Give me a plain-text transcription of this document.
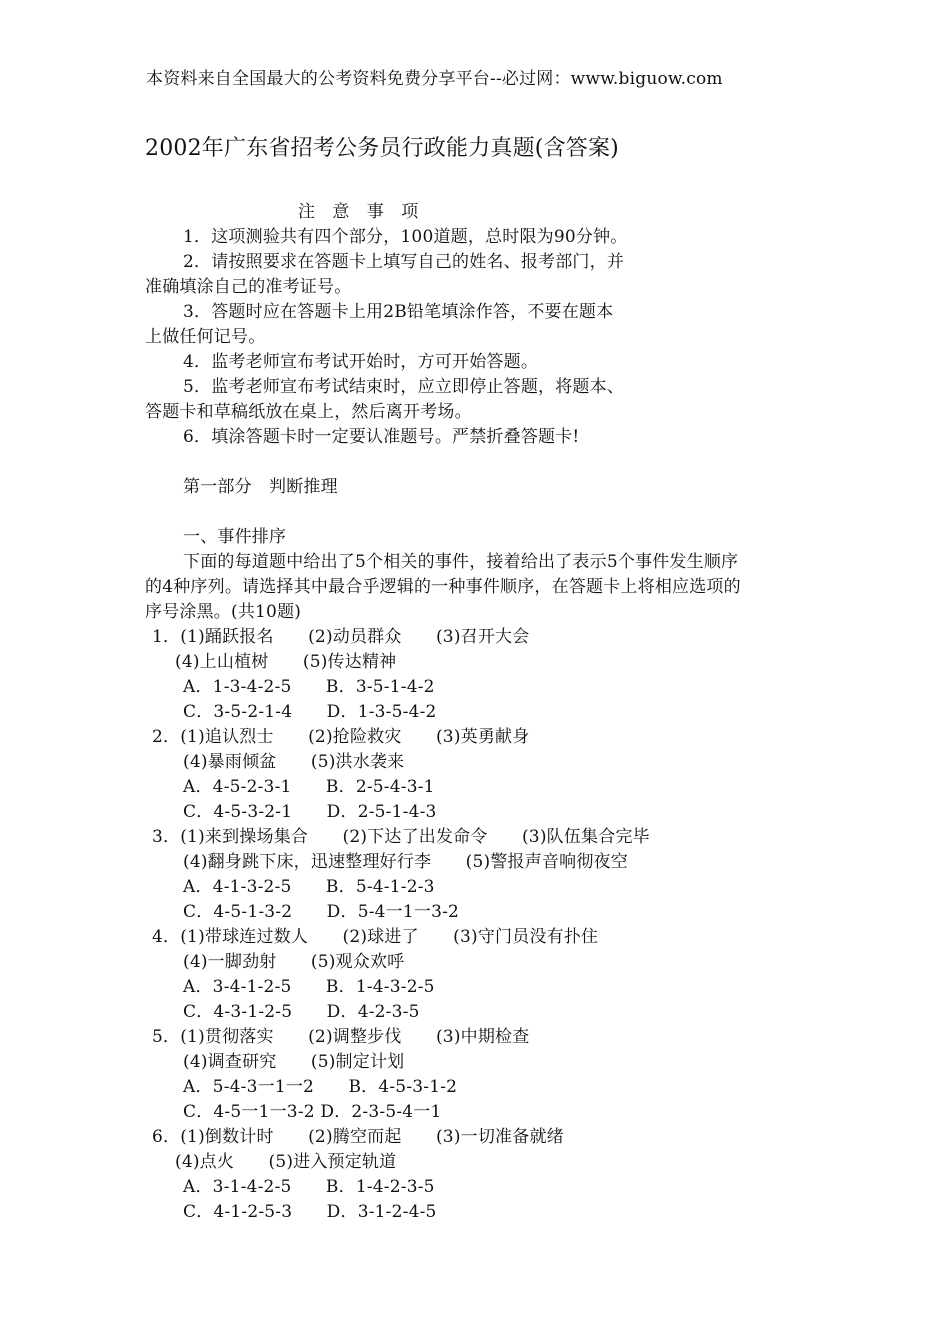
本资料来自全国最大的公考资料免费分享平台--必过网：www.biguow.com
2002年广东省招考公务员行政能力真题(含答案)
注　意　事　项
1．这项测验共有四个部分，100道题，总时限为90分钟。
2．请按照要求在答题卡上填写自己的姓名、报考部门，并
准确填涂自己的准考证号。
3．答题时应在答题卡上用2B铅笔填涂作答，不要在题本
上做任何记号。
4．监考老师宣布考试开始时，方可开始答题。
5．监考老师宣布考试结束时，应立即停止答题，将题本、
答题卡和草稿纸放在桌上，然后离开考场。
6．填涂答题卡时一定要认准题号。严禁折叠答题卡!
第一部分　判断推理
一、事件排序
下面的每道题中给出了5个相关的事件，接着给出了表示5个事件发生顺序
的4种序列。请选择其中最合乎逻辑的一种事件顺序，在答题卡上将相应选项的
序号涂黑。(共10题)
1．(1)踊跃报名　　(2)动员群众　　(3)召开大会
(4)上山植树　　(5)传达精神
A．1-3-4-2-5　　B．3-5-1-4-2
C．3-5-2-1-4　　D．1-3-5-4-2
2．(1)追认烈士　　(2)抢险救灾　　(3)英勇献身
(4)暴雨倾盆　　(5)洪水袭来
A．4-5-2-3-1　　B．2-5-4-3-1
C．4-5-3-2-1　　D．2-5-1-4-3
3．(1)来到操场集合　　(2)下达了出发命令　　(3)队伍集合完毕
(4)翻身跳下床，迅速整理好行李　　(5)警报声音响彻夜空
A．4-1-3-2-5　　B．5-4-1-2-3
C．4-5-1-3-2　　D．5-4一1一3-2
4．(1)带球连过数人　　(2)球进了　　(3)守门员没有扑住
(4)一脚劲射　　(5)观众欢呼
A．3-4-1-2-5　　B．1-4-3-2-5
C．4-3-1-2-5　　D．4-2-3-5
5．(1)贯彻落实　　(2)调整步伐　　(3)中期检查
(4)调查研究　　(5)制定计划
A．5-4-3一1一2　　B．4-5-3-1-2
C．4-5一1一3-2 D．2-3-5-4一1
6．(1)倒数计时　　(2)腾空而起　　(3)一切准备就绪
(4)点火　　(5)进入预定轨道
A．3-1-4-2-5　　B．1-4-2-3-5
C．4-1-2-5-3　　D．3-1-2-4-5
